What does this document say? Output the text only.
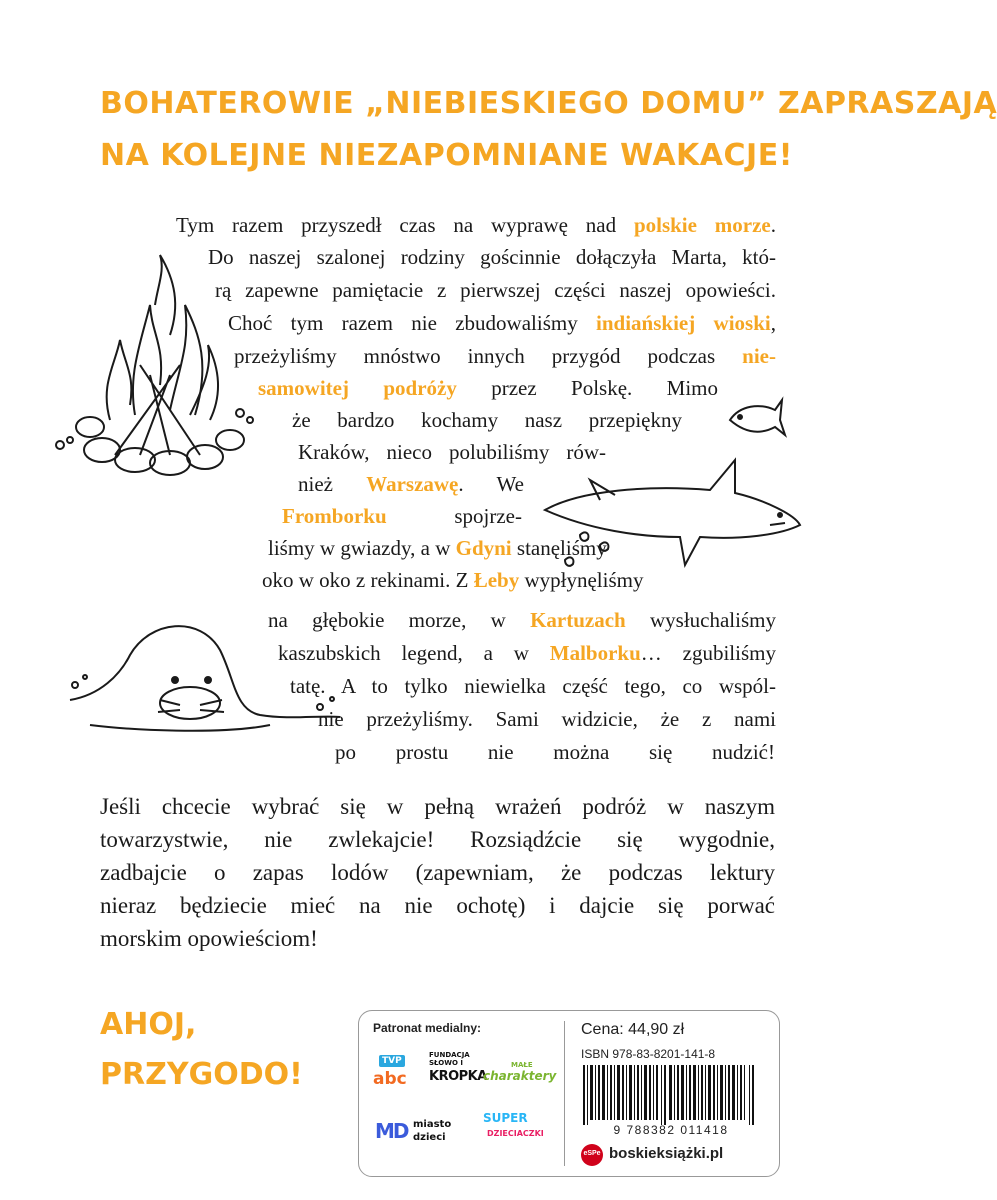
BOHATEROWIE „NIEBIESKIEGO DOMU” ZAPRASZAJĄ
NA KOLEJNE NIEZAPOMNIANE WAKACJE!
Tym razem przyszedł czas na wyprawę nad polskie morze.
Do naszej szalonej rodziny gościnnie dołączyła Marta, któ-
rą zapewne pamiętacie z pierwszej części naszej opowieści.
Choć tym razem nie zbudowaliśmy indiańskiej wioski,
przeżyliśmy mnóstwo innych przygód podczas nie-
samowitej podróży przez Polskę. Mimo
że bardzo kochamy nasz przepiękny
Kraków, nieco polubiliśmy rów-
nież Warszawę. We
Fromborku spojrze-
liśmy w gwiazdy, a w Gdyni stanęliśmy
oko w oko z rekinami. Z Łeby wypłynęliśmy
na głębokie morze, w Kartuzach wysłuchaliśmy
kaszubskich legend, a w Malborku… zgubiliśmy
tatę. A to tylko niewielka część tego, co wspól-
nie przeżyliśmy. Sami widzicie, że z nami
po prostu nie można się nudzić!
Jeśli chcecie wybrać się w pełną wrażeń podróż w naszym
towarzystwie, nie zwlekajcie! Rozsiądźcie się wygodnie,
zadbajcie o zapas lodów (zapewniam, że podczas lektury
nieraz będziecie mieć na nie ochotę) i dajcie się porwać
morskim opowieściom!
AHOJ,
PRZYGODO!
Patronat medialny:
TVP
abc
FUNDACJA SŁOWO I
KROPKA
MAŁE
charaktery
MD miasto
dzieci
SUPER
DZIECIACZKI
Cena: 44,90 zł
ISBN 978-83-8201-141-8
9 788382 011418
eSPe boskieksiążki.pl
